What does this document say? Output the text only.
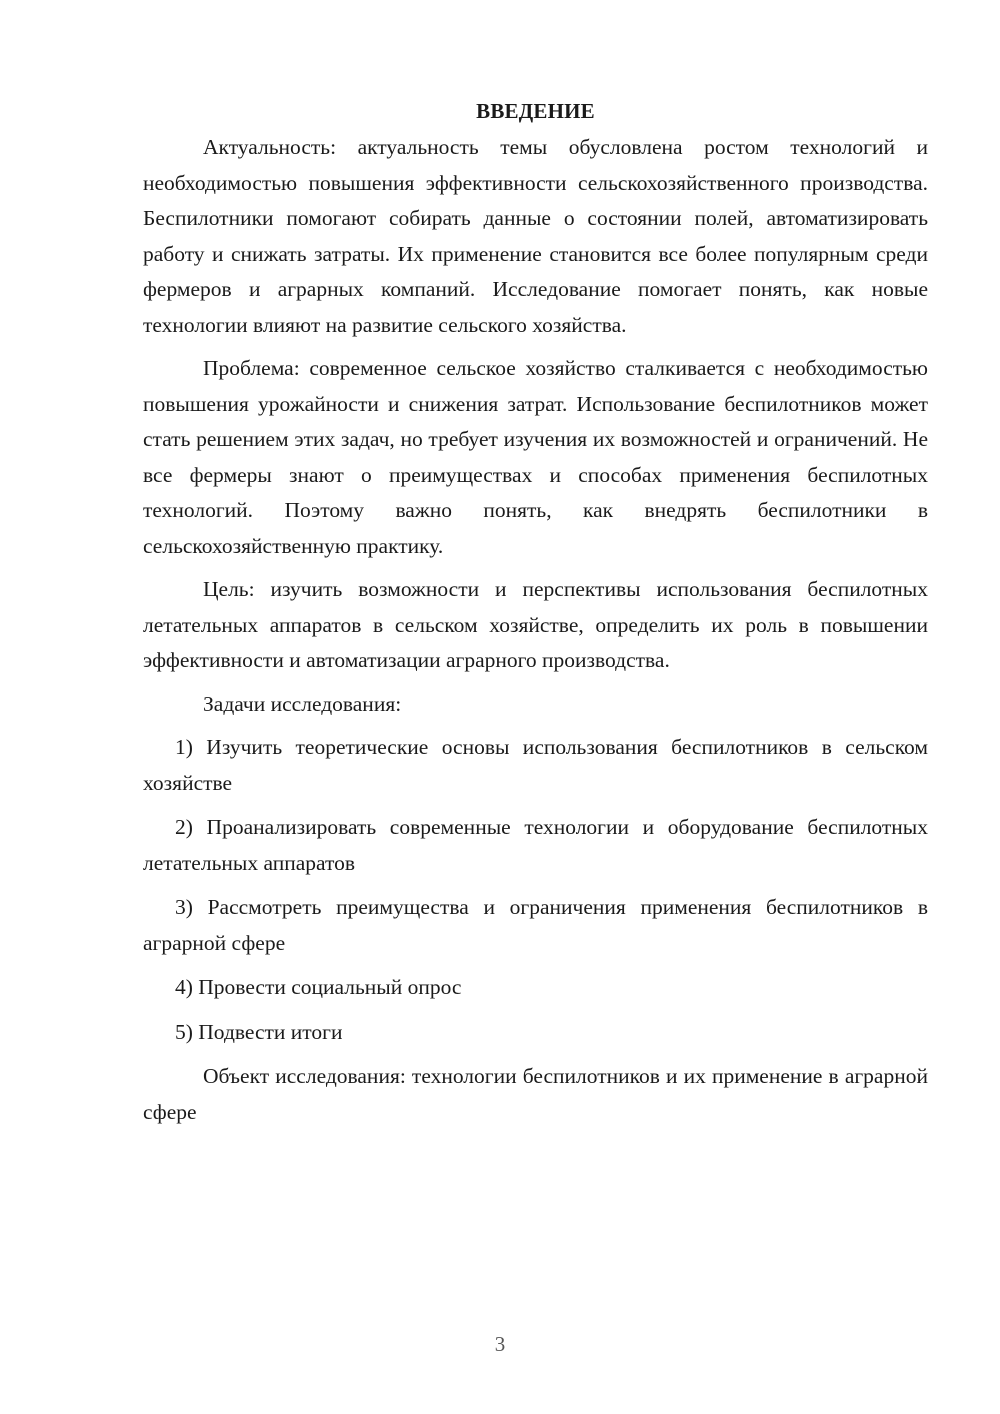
ВВЕДЕНИЕ

Актуальность: актуальность темы обусловлена ростом технологий и необходимостью повышения эффективности сельскохозяйственного производства. Беспилотники помогают собирать данные о состоянии полей, автоматизировать работу и снижать затраты. Их применение становится все более популярным среди фермеров и аграрных компаний. Исследование помогает понять, как новые технологии влияют на развитие сельского хозяйства.

Проблема: современное сельское хозяйство сталкивается с необходимостью повышения урожайности и снижения затрат. Использование беспилотников может стать решением этих задач, но требует изучения их возможностей и ограничений. Не все фермеры знают о преимуществах и способах применения беспилотных технологий. Поэтому важно понять, как внедрять беспилотники в сельскохозяйственную практику.

Цель: изучить возможности и перспективы использования беспилотных летательных аппаратов в сельском хозяйстве, определить их роль в повышении эффективности и автоматизации аграрного производства.

Задачи исследования:

1) Изучить теоретические основы использования беспилотников в сельском хозяйстве

2) Проанализировать современные технологии и оборудование беспилотных летательных аппаратов

3) Рассмотреть преимущества и ограничения применения беспилотников в аграрной сфере

4) Провести социальный опрос

5) Подвести итоги

Объект исследования: технологии беспилотников и их применение в аграрной сфере

3
